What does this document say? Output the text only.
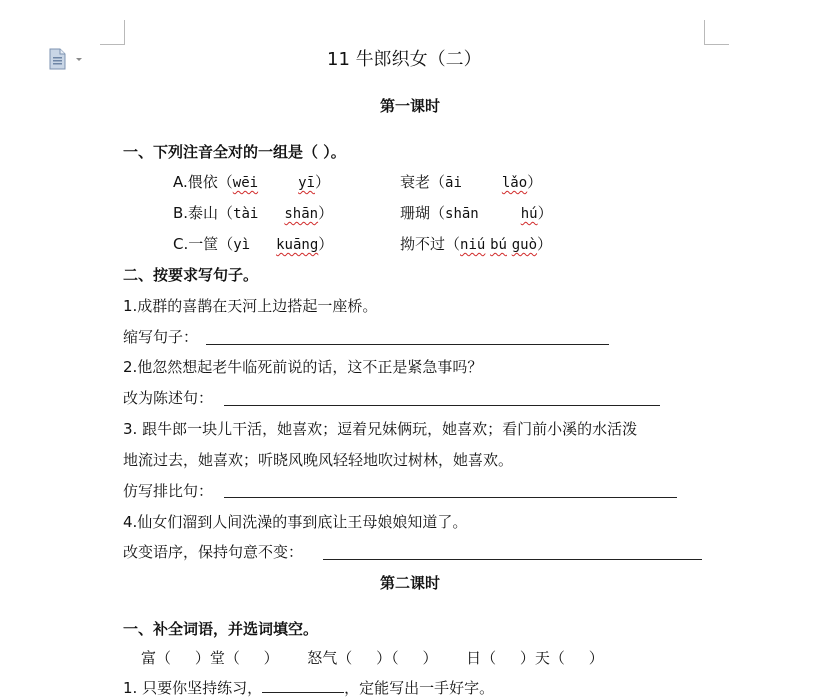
11 牛郎织女（二）
第一课时
一、下列注音全对的一组是（ ）。
A.偎依（wēi	yī）	衰老（āi	lǎo）
B.泰山（tài shān）	珊瑚（shān	hú）
C.一筐（yì kuāng）	拗不过（niú bú guò）
二、按要求写句子。
1.成群的喜鹊在天河上边搭起一座桥。
缩写句子：
2.他忽然想起老牛临死前说的话，这不正是紧急事吗？
改为陈述句：
3. 跟牛郎一块儿干活，她喜欢；逗着兄妹俩玩，她喜欢；看门前小溪的水活泼
地流过去，她喜欢；听晓风晚风轻轻地吹过树林，她喜欢。
仿写排比句：
4.仙女们溜到人间洗澡的事到底让王母娘娘知道了。
改变语序，保持句意不变：
第二课时
一、补全词语，并选词填空。
富（     ）堂（     ）      怒气（     ）（     ）      日（     ）天（     ）
1. 只要你坚持练习，	，定能写出一手好字。
